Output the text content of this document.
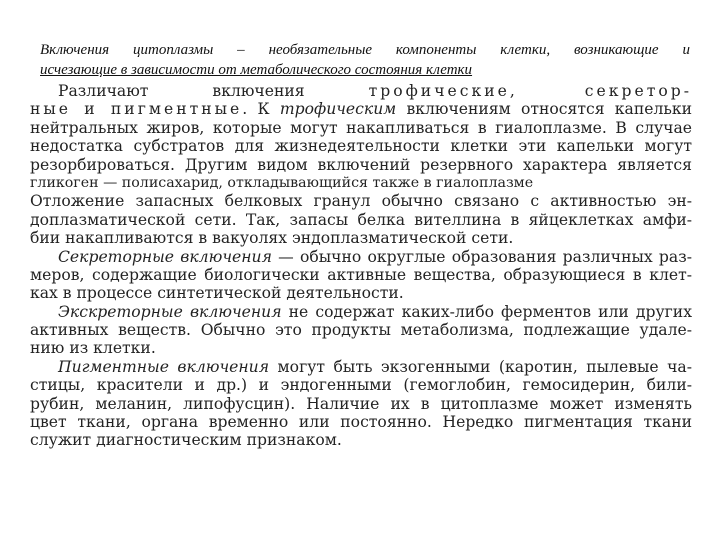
Включения цитоплазмы – необязательные компоненты клетки, возникающие и
исчезающие в зависимости от метаболического состояния клетки
Различают включения	трофические, секретор-
ные и пигментные. К трофическим включениям относятся капельки
нейтральных жиров, которые могут накапливаться в гиалоплазме. В случае
недостатка субстратов для жизнедеятельности клетки эти капельки могут
резорбироваться. Другим видом включений резервного характера является
гликоген — полисахарид, откладывающийся также в гиалоплазме
Отложение запасных белковых гранул обычно связано с активностью эн-
доплазматической сети. Так, запасы белка вителлина в яйцеклетках амфи-
бии накапливаются в вакуолях эндоплазматической сети.
Секреторные включения — обычно округлые образования различных раз-
меров, содержащие биологически активные вещества, образующиеся в клет-
ках в процессе синтетической деятельности.
Экскреторные включения не содержат каких-либо ферментов или других
активных веществ. Обычно это продукты метаболизма, подлежащие удале-
нию из клетки.
Пигментные включения могут быть экзогенными (каротин, пылевые ча-
стицы, красители и др.) и эндогенными (гемоглобин, гемосидерин, били-
рубин, меланин, липофусцин). Наличие их в цитоплазме может изменять
цвет ткани, органа временно или постоянно. Нередко пигментация ткани
служит диагностическим признаком.
